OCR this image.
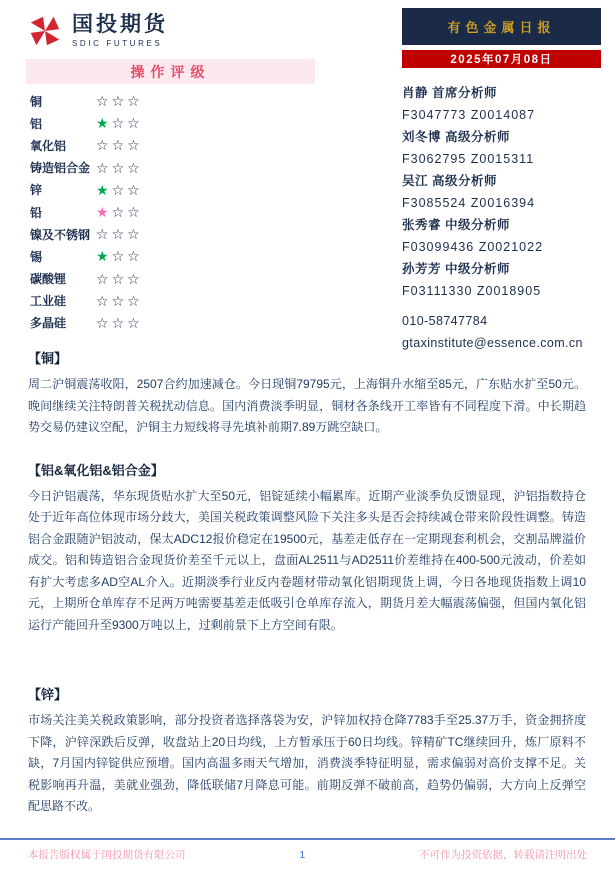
国投期货
SDIC FUTURES
有色金属日报
2025年07月08日
操作评级
铜	☆ ☆ ☆
铝	★ ☆ ☆
氧化铝	☆ ☆ ☆
铸造铝合金 ☆ ☆ ☆
锌	★ ☆ ☆
铅	★ ☆ ☆
镍及不锈钢 ☆ ☆ ☆
锡	★ ☆ ☆
碳酸锂	☆ ☆ ☆
工业硅	☆ ☆ ☆
多晶硅	☆ ☆ ☆
肖静 首席分析师
F3047773 Z0014087
刘冬博 高级分析师
F3062795 Z0015311
吴江 高级分析师
F3085524 Z0016394
张秀睿 中级分析师
F03099436 Z0021022
孙芳芳 中级分析师
F03111330 Z0018905
010-58747784
gtaxinstitute@essence.com.cn
【铜】

周二沪铜震荡收阳，2507合约加速减仓。今日现铜79795元，上海铜升水缩至85元，广东贴水扩至50元。晚间继续关注特朗普关税扰动信息。国内消费淡季明显，铜材各条线开工率皆有不同程度下滑。中长期趋势交易仍建议空配，沪铜主力短线将寻先填补前期7.89万跳空缺口。

【铝&氧化铝&铝合金】

今日沪铝震荡，华东现货贴水扩大至50元，铝锭延续小幅累库。近期产业淡季负反馈显现，沪铝指数持仓处于近年高位体现市场分歧大，美国关税政策调整风险下关注多头是否会持续减仓带来阶段性调整。铸造铝合金跟随沪铝波动，保太ADC12报价稳定在19500元，基差走低存在一定期现套利机会，交割品牌溢价成交。铝和铸造铝合金现货价差至千元以上，盘面AL2511与AD2511价差维持在400-500元波动，价差如有扩大考虑多AD空AL介入。近期淡季行业反内卷题材带动氧化铝期现货上调，今日各地现货指数上调10元，上期所仓单库存不足两万吨需要基差走低吸引仓单库存流入，期货月差大幅震荡偏强，但国内氧化铝运行产能回升至9300万吨以上，过剩前景下上方空间有限。

【锌】

市场关注美关税政策影响，部分投资者选择落袋为安，沪锌加权持仓降7783手至25.37万手，资金拥挤度下降，沪锌深跌后反弹，收盘站上20日均线，上方暂承压于60日均线。锌精矿TC继续回升，炼厂原料不缺，7月国内锌锭供应预增。国内高温多雨天气增加，消费淡季特征明显，需求偏弱对高价支撑不足。关税影响再升温，美就业强劲，降低联储7月降息可能。前期反弹不破前高，趋势仍偏弱，大方向上反弹空配思路不改。

本报告版权属于国投期货有限公司	1	不可作为投资依据，转载请注明出处
